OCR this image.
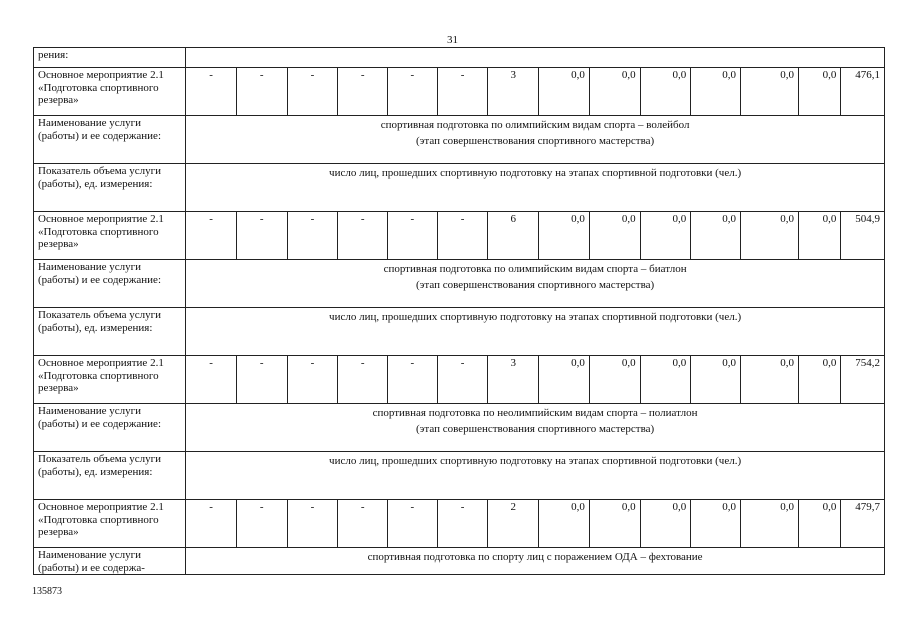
31
рения:														
Основное мероприятие 2.1 «Подготовка спортивного резерва»	-	-	-	-	-	-	3	0,0	0,0	0,0	0,0	0,0	0,0	476,1
Наименование услуги (работы) и ее содержание:	спортивная подготовка по олимпийским видам спорта – волейбол
(этап совершенствования спортивного мастерства)													

Показатель объема услуги (работы), ед. измерения:	число лиц, прошедших спортивную подготовку на этапах спортивной подготовки (чел.)													

Основное мероприятие 2.1 «Подготовка спортивного резерва»	-	-	-	-	-	-	6	0,0	0,0	0,0	0,0	0,0	0,0	504,9
Наименование услуги (работы) и ее содержание:	спортивная подготовка по олимпийским видам спорта – биатлон
(этап совершенствования спортивного мастерства)													

Показатель объема услуги (работы), ед. измерения:	число лиц, прошедших спортивную подготовку на этапах спортивной подготовки (чел.)													

Основное мероприятие 2.1 «Подготовка спортивного резерва»	-	-	-	-	-	-	3	0,0	0,0	0,0	0,0	0,0	0,0	754,2
Наименование услуги (работы) и ее содержание:	спортивная подготовка по неолимпийским видам спорта – полиатлон
(этап совершенствования спортивного мастерства)													

Показатель объема услуги (работы), ед. измерения:	число лиц, прошедших спортивную подготовку на этапах спортивной подготовки (чел.)													

Основное мероприятие 2.1 «Подготовка спортивного резерва»	-	-	-	-	-	-	2	0,0	0,0	0,0	0,0	0,0	0,0	479,7
Наименование услуги (работы) и ее содержа-	спортивная подготовка по спорту лиц с поражением ОДА – фехтование													
135873
